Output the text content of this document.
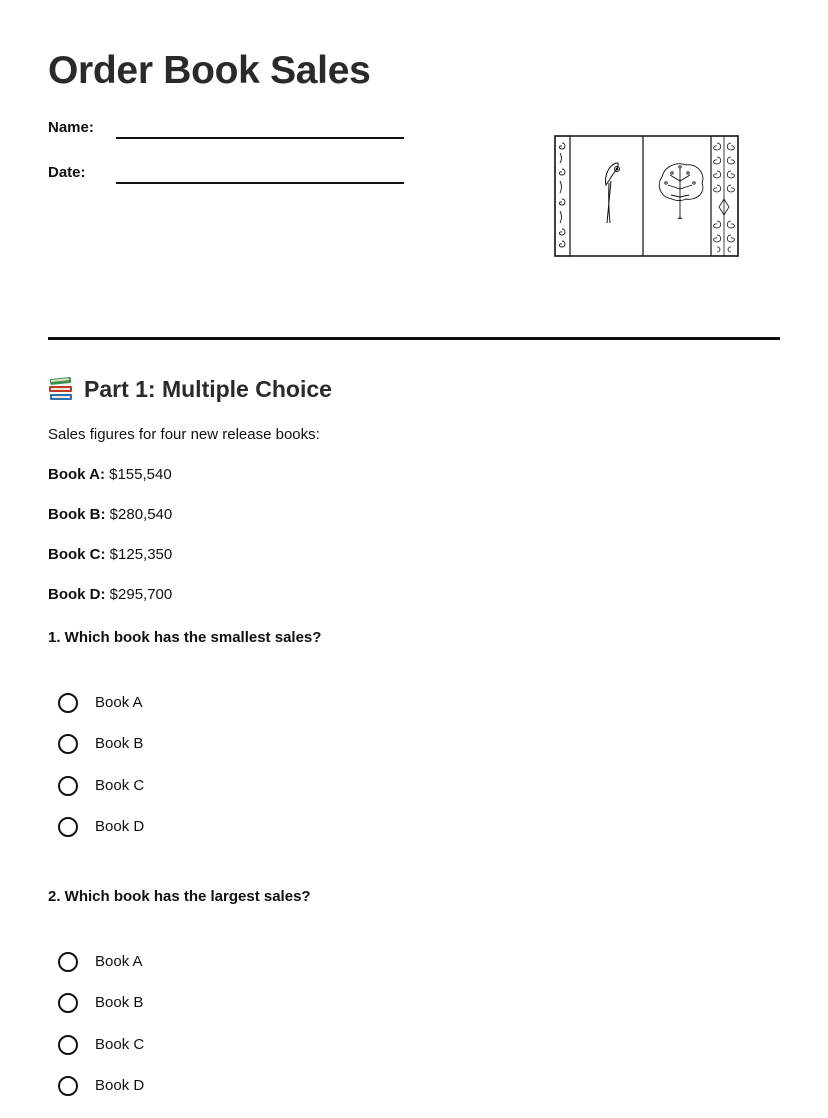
Order Book Sales
Name:
Date:
Part 1: Multiple Choice
Sales figures for four new release books:
Book A: $155,540
Book B: $280,540
Book C: $125,350
Book D: $295,700
1. Which book has the smallest sales?
Book A
Book B
Book C
Book D
2. Which book has the largest sales?
Book A
Book B
Book C
Book D
